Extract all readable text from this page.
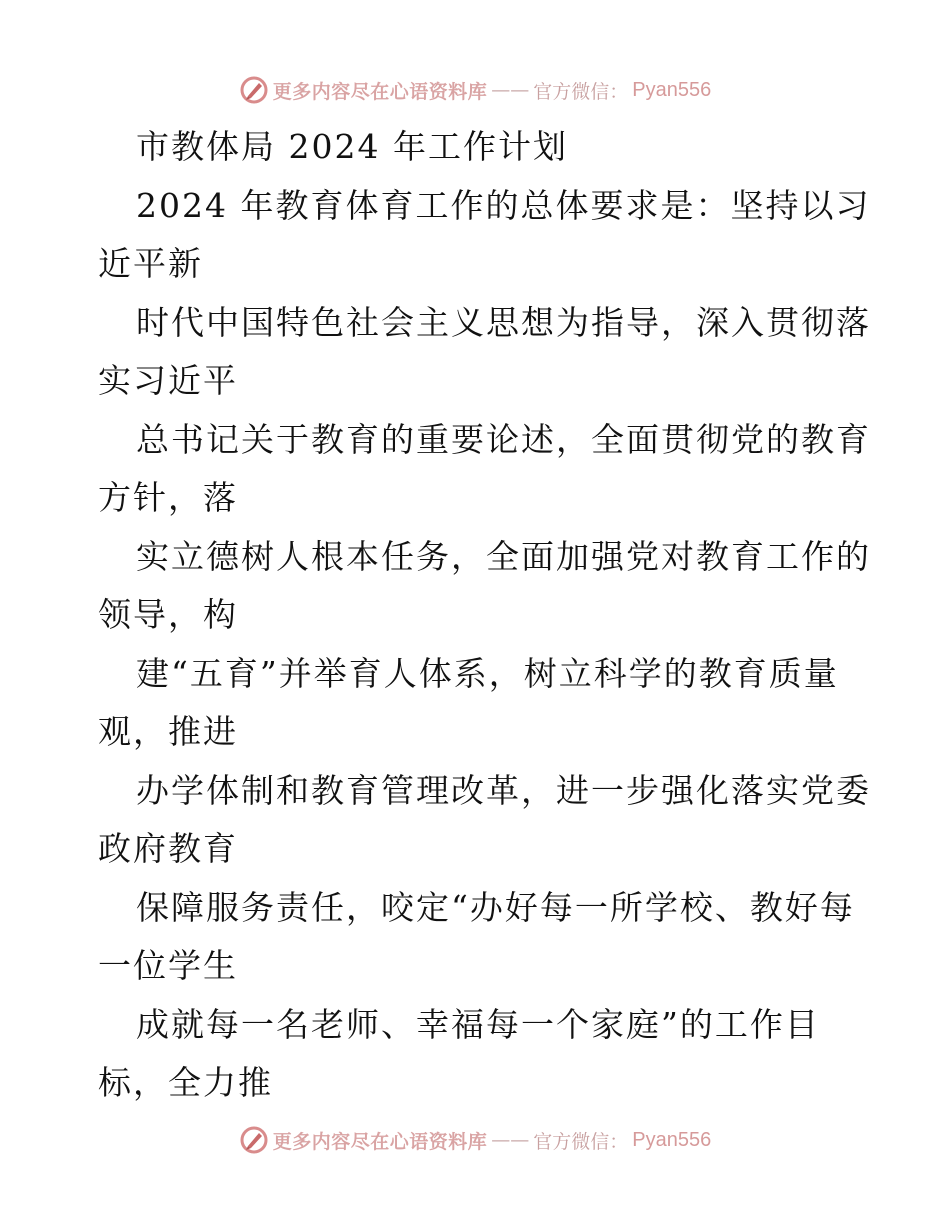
更多内容尽在心语资料库 —— 官方微信： Pyan556
市教体局 2024 年工作计划
2024 年教育体育工作的总体要求是：坚持以习
近平新
时代中国特色社会主义思想为指导，深入贯彻落
实习近平
总书记关于教育的重要论述，全面贯彻党的教育
方针，落
实立德树人根本任务，全面加强党对教育工作的
领导，构
建“五育”并举育人体系，树立科学的教育质量
观，推进
办学体制和教育管理改革，进一步强化落实党委
政府教育
保障服务责任，咬定“办好每一所学校、教好每
一位学生
成就每一名老师、幸福每一个家庭”的工作目
标，全力推
更多内容尽在心语资料库 —— 官方微信： Pyan556
